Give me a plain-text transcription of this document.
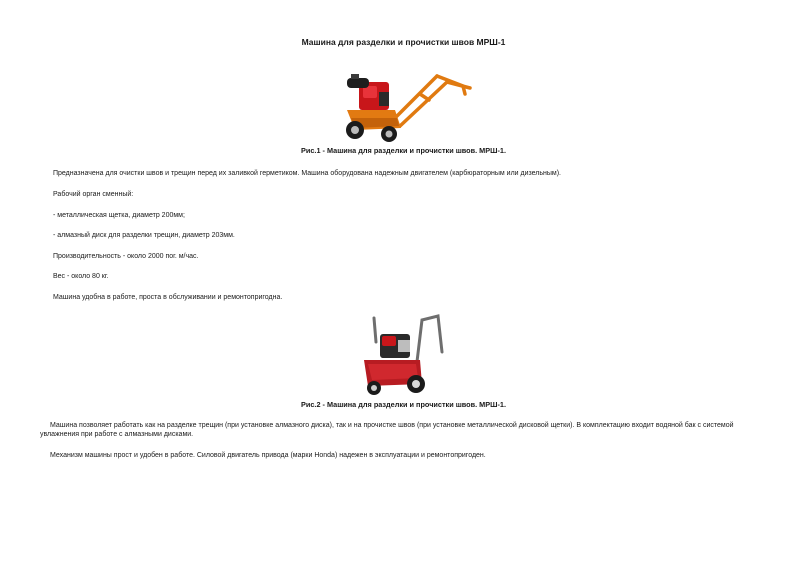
Машина для разделки и прочистки швов МРШ-1
Рис.1 - Машина для разделки и прочистки швов. МРШ-1.
Предназначена для очистки швов и трещин перед их заливкой герметиком. Машина оборудована надежным двигателем (карбюраторным или дизельным).
Рабочий орган сменный:
- металлическая щетка, диаметр 200мм;
- алмазный диск для разделки трещин, диаметр 203мм.
Производительность - около 2000 пог. м/час.
Вес - около 80 кг.
Машина удобна в работе, проста в обслуживании и ремонтопригодна.
Рис.2 - Машина для разделки и прочистки швов. МРШ-1.
Машина позволяет работать как на разделке трещин (при установке алмазного диска), так и на прочистке швов (при установке металлической дисковой щетки). В комплектацию входит водяной бак с системой увлажнения при работе с алмазными дисками.
Механизм машины прост и удобен в работе. Силовой двигатель привода (марки Honda) надежен в эксплуатации и ремонтопригоден.
